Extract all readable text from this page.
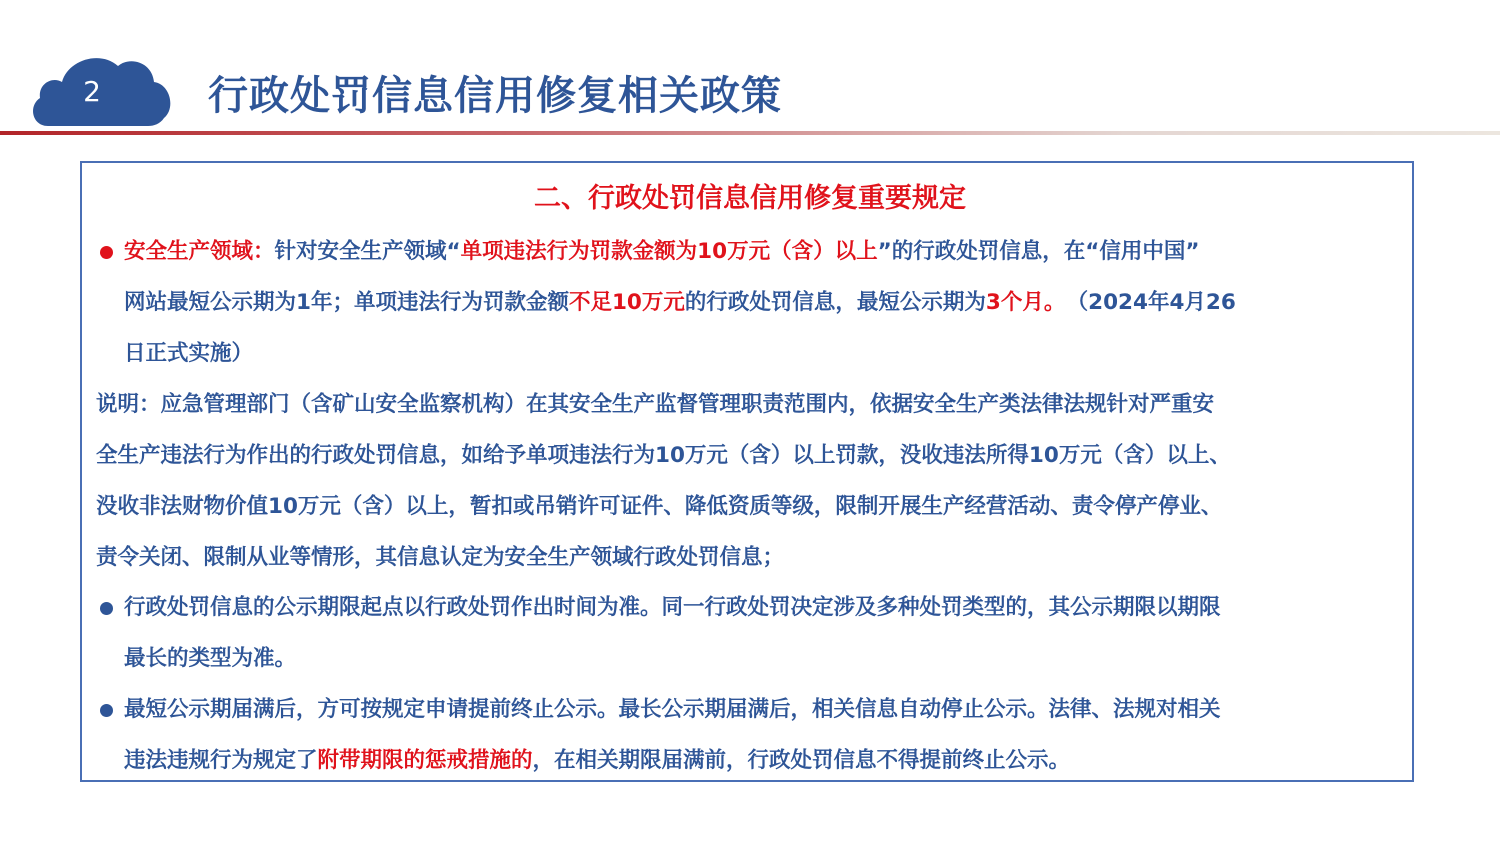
2	行政处罚信息信用修复相关政策
二、行政处罚信息信用修复重要规定
安全生产领域：针对安全生产领域“单项违法行为罚款金额为10万元（含）以上”的行政处罚信息，在“信用中国”
网站最短公示期为1年；单项违法行为罚款金额不足10万元的行政处罚信息，最短公示期为3个月。 （2024年4月26
日正式实施）
说明：应急管理部门（含矿山安全监察机构）在其安全生产监督管理职责范围内，依据安全生产类法律法规针对严重安
全生产违法行为作出的行政处罚信息，如给予单项违法行为10万元（含）以上罚款，没收违法所得10万元（含）以上、
没收非法财物价值10万元（含）以上，暂扣或吊销许可证件、降低资质等级，限制开展生产经营活动、责令停产停业、
责令关闭、限制从业等情形，其信息认定为安全生产领域行政处罚信息；
行政处罚信息的公示期限起点以行政处罚作出时间为准。同一行政处罚决定涉及多种处罚类型的，其公示期限以期限
最长的类型为准。
最短公示期届满后，方可按规定申请提前终止公示。最长公示期届满后，相关信息自动停止公示。法律、法规对相关
违法违规行为规定了附带期限的惩戒措施的，在相关期限届满前，行政处罚信息不得提前终止公示。
